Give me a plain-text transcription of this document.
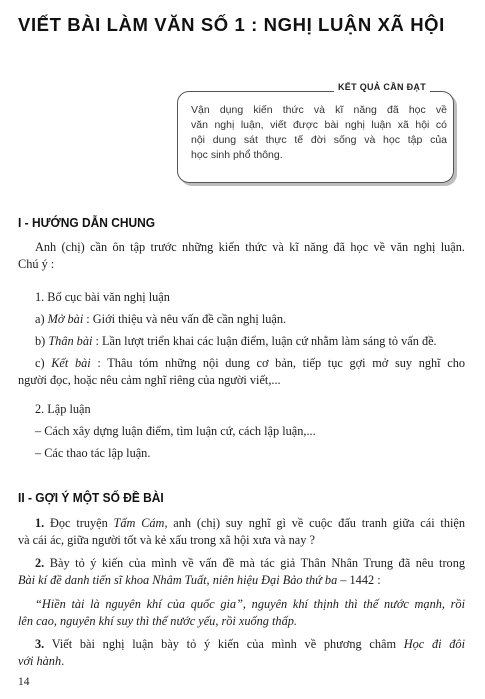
VIẾT BÀI LÀM VĂN SỐ 1 : NGHỊ LUẬN XÃ HỘI
KẾT QUẢ CẦN ĐẠT
Vận dụng kiến thức và kĩ năng đã học về
văn nghị luận, viết được bài nghị luận xã hội có
nội dung sát thực tế đời sống và học tập của
học sinh phổ thông.
I - HƯỚNG DẪN CHUNG
Anh (chị) cần ôn tập trước những kiến thức và kĩ năng đã học về văn nghị luận.
Chú ý :
1. Bố cục bài văn nghị luận
a) Mở bài : Giới thiệu và nêu vấn đề cần nghị luận.
b) Thân bài : Lần lượt triển khai các luận điểm, luận cứ nhằm làm sáng tỏ vấn đề.
c) Kết bài : Thâu tóm những nội dung cơ bản, tiếp tục gợi mở suy nghĩ cho
người đọc, hoặc nêu cảm nghĩ riêng của người viết,...
2. Lập luận
– Cách xây dựng luận điểm, tìm luận cứ, cách lập luận,...
– Các thao tác lập luận.
II - GỢI Ý MỘT SỐ ĐỀ BÀI
1. Đọc truyện Tấm Cám, anh (chị) suy nghĩ gì về cuộc đấu tranh giữa cái thiện
và cái ác, giữa người tốt và kẻ xấu trong xã hội xưa và nay ?
2. Bày tỏ ý kiến của mình về vấn đề mà tác giả Thân Nhân Trung đã nêu trong
Bài kí đề danh tiến sĩ khoa Nhâm Tuất, niên hiệu Đại Bảo thứ ba – 1442 :
“Hiền tài là nguyên khí của quốc gia”, nguyên khí thịnh thì thế nước mạnh, rồi
lên cao, nguyên khí suy thì thế nước yếu, rồi xuống thấp.
3. Viết bài nghị luận bày tỏ ý kiến của mình về phương châm Học đi đôi
với hành.
14
